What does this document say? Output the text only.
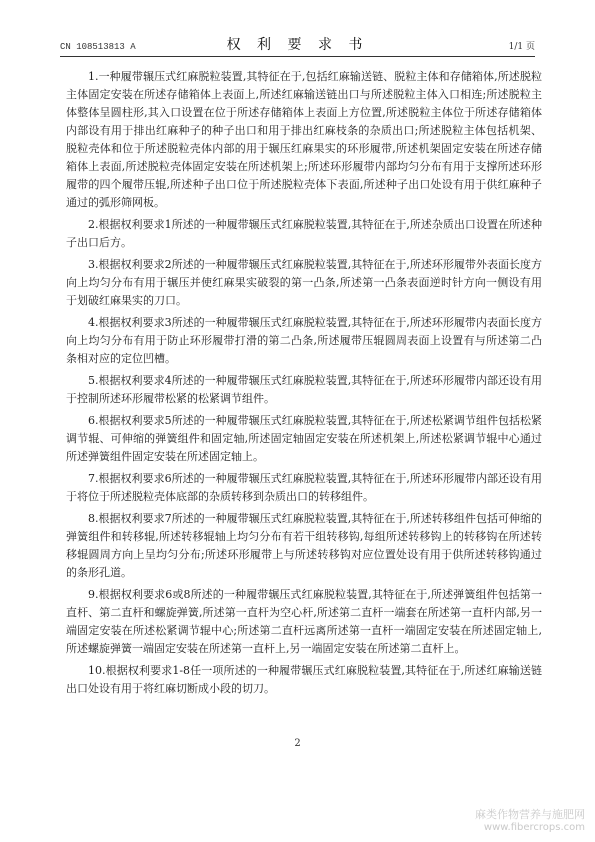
CN 108513813 A	权 利 要 求 书	1/1 页

1.一种履带辗压式红麻脱粒装置,其特征在于,包括红麻输送链、脱粒主体和存储箱体,所述脱粒主体固定安装在所述存储箱体上表面上,所述红麻输送链出口与所述脱粒主体入口相连;所述脱粒主体整体呈圆柱形,其入口设置在位于所述存储箱体上表面上方位置,所述脱粒主体位于所述存储箱体内部设有用于排出红麻种子的种子出口和用于排出红麻枝条的杂质出口;所述脱粒主体包括机架、脱粒壳体和位于所述脱粒壳体内部的用于辗压红麻果实的环形履带,所述机架固定安装在所述存储箱体上表面,所述脱粒壳体固定安装在所述机架上;所述环形履带内部均匀分布有用于支撑所述环形履带的四个履带压辊,所述种子出口位于所述脱粒壳体下表面,所述种子出口处设有用于供红麻种子通过的弧形筛网板。

2.根据权利要求1所述的一种履带辗压式红麻脱粒装置,其特征在于,所述杂质出口设置在所述种子出口后方。

3.根据权利要求2所述的一种履带辗压式红麻脱粒装置,其特征在于,所述环形履带外表面长度方向上均匀分布有用于辗压并使红麻果实破裂的第一凸条,所述第一凸条表面逆时针方向一侧设有用于划破红麻果实的刀口。

4.根据权利要求3所述的一种履带辗压式红麻脱粒装置,其特征在于,所述环形履带内表面长度方向上均匀分布有用于防止环形履带打滑的第二凸条,所述履带压辊圆周表面上设置有与所述第二凸条相对应的定位凹槽。

5.根据权利要求4所述的一种履带辗压式红麻脱粒装置,其特征在于,所述环形履带内部还设有用于控制所述环形履带松紧的松紧调节组件。

6.根据权利要求5所述的一种履带辗压式红麻脱粒装置,其特征在于,所述松紧调节组件包括松紧调节辊、可伸缩的弹簧组件和固定轴,所述固定轴固定安装在所述机架上,所述松紧调节辊中心通过所述弹簧组件固定安装在所述固定轴上。

7.根据权利要求6所述的一种履带辗压式红麻脱粒装置,其特征在于,所述环形履带内部还设有用于将位于所述脱粒壳体底部的杂质转移到杂质出口的转移组件。

8.根据权利要求7所述的一种履带辗压式红麻脱粒装置,其特征在于,所述转移组件包括可伸缩的弹簧组件和转移辊,所述转移辊轴上均匀分布有若干组转移钩,每组所述转移钩上的转移钩在所述转移辊圆周方向上呈均匀分布;所述环形履带上与所述转移钩对应位置处设有用于供所述转移钩通过的条形孔道。

9.根据权利要求6或8所述的一种履带辗压式红麻脱粒装置,其特征在于,所述弹簧组件包括第一直杆、第二直杆和螺旋弹簧,所述第一直杆为空心杆,所述第二直杆一端套在所述第一直杆内部,另一端固定安装在所述松紧调节辊中心;所述第二直杆远离所述第一直杆一端固定安装在所述固定轴上,所述螺旋弹簧一端固定安装在所述第一直杆上,另一端固定安装在所述第二直杆上。

10.根据权利要求1-8任一项所述的一种履带辗压式红麻脱粒装置,其特征在于,所述红麻输送链出口处设有用于将红麻切断成小段的切刀。

2
麻类作物营养与施肥网
www.fibercrops.com
